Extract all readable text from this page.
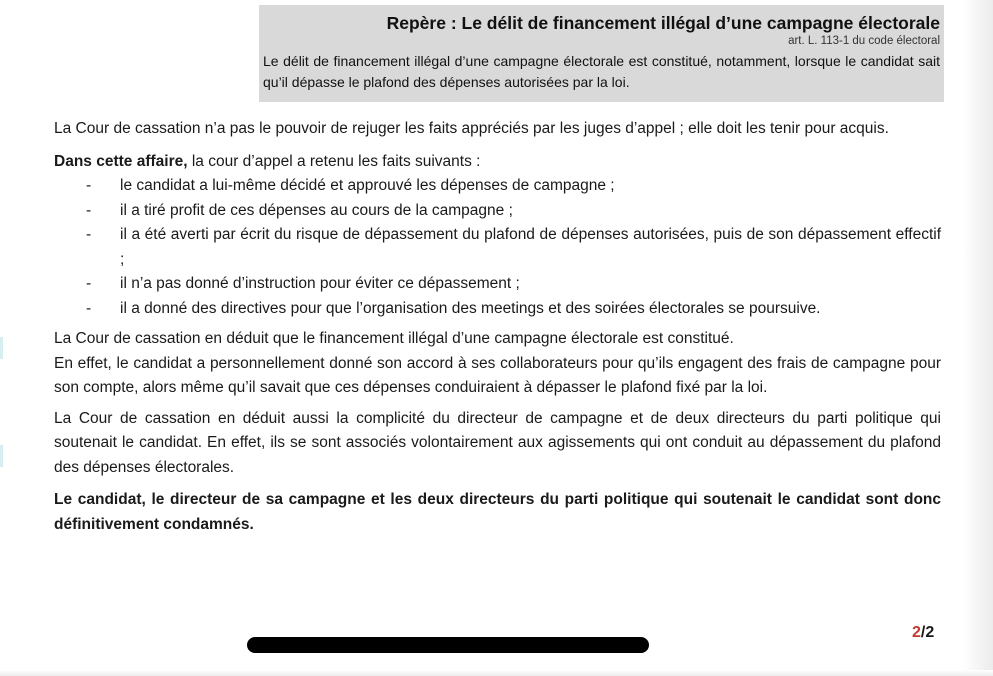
Repère : Le délit de financement illégal d’une campagne électorale
art. L. 113-1 du code électoral
Le délit de financement illégal d’une campagne électorale est constitué, notamment, lorsque le candidat sait qu’il dépasse le plafond des dépenses autorisées par la loi.

La Cour de cassation n’a pas le pouvoir de rejuger les faits appréciés par les juges d’appel ; elle doit les tenir pour acquis.

Dans cette affaire, la cour d’appel a retenu les faits suivants :

- le candidat a lui-même décidé et approuvé les dépenses de campagne ;
- il a tiré profit de ces dépenses au cours de la campagne ;
- il a été averti par écrit du risque de dépassement du plafond de dépenses autorisées, puis de son dépassement effectif ;
- il n’a pas donné d’instruction pour éviter ce dépassement ;
- il a donné des directives pour que l’organisation des meetings et des soirées électorales se poursuive.

La Cour de cassation en déduit que le financement illégal d’une campagne électorale est constitué.

En effet, le candidat a personnellement donné son accord à ses collaborateurs pour qu’ils engagent des frais de campagne pour son compte, alors même qu’il savait que ces dépenses conduiraient à dépasser le plafond fixé par la loi.

La Cour de cassation en déduit aussi la complicité du directeur de campagne et de deux directeurs du parti politique qui soutenait le candidat. En effet, ils se sont associés volontairement aux agissements qui ont conduit au dépassement du plafond des dépenses électorales.

Le candidat, le directeur de sa campagne et les deux directeurs du parti politique qui soutenait le candidat sont donc définitivement condamnés.

2/2
